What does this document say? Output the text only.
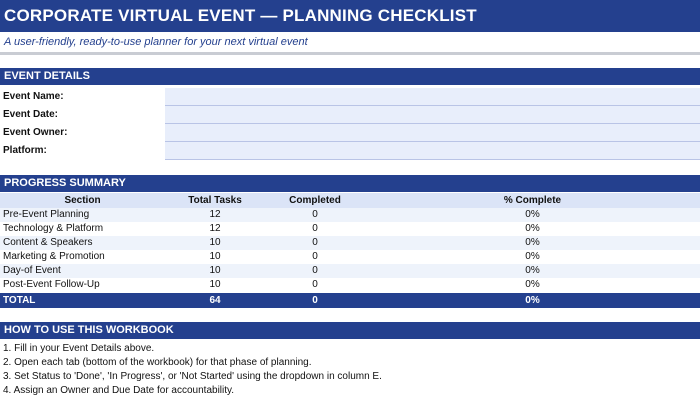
CORPORATE VIRTUAL EVENT — PLANNING CHECKLIST
A user-friendly, ready-to-use planner for your next virtual event
EVENT DETAILS
Event Name:
Event Date:
Event Owner:
Platform:
PROGRESS SUMMARY
Section	Total Tasks	Completed	% Complete
Pre-Event Planning	12	0	0%
Technology & Platform	12	0	0%
Content & Speakers	10	0	0%
Marketing & Promotion	10	0	0%
Day-of Event	10	0	0%
Post-Event Follow-Up	10	0	0%
TOTAL	64	0	0%
HOW TO USE THIS WORKBOOK
1. Fill in your Event Details above.
2. Open each tab (bottom of the workbook) for that phase of planning.
3. Set Status to 'Done', 'In Progress', or 'Not Started' using the dropdown in column E.
4. Assign an Owner and Due Date for accountability.
